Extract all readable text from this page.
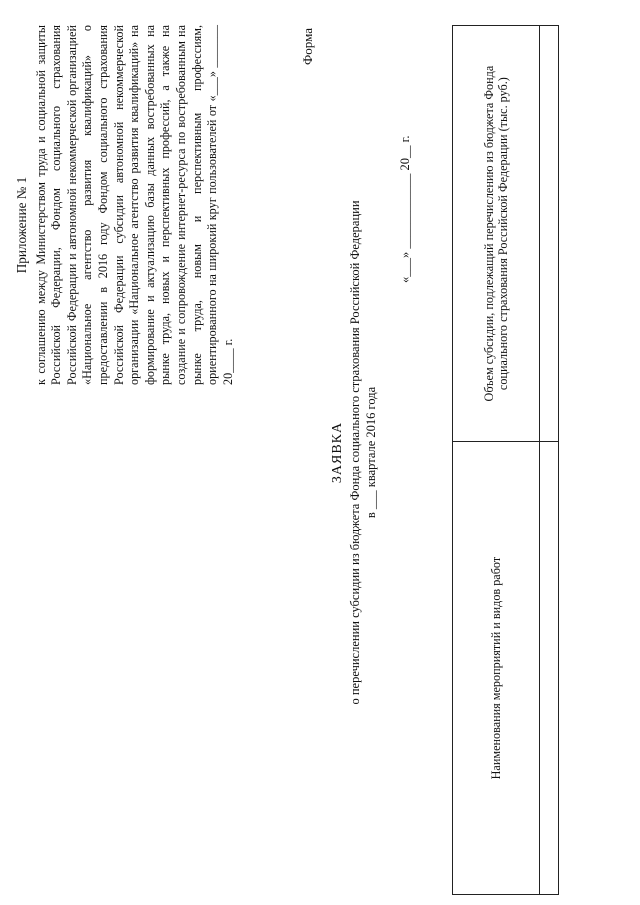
Приложение № 1 к соглашению между Министерством труда и социальной защиты Российской Федерации, Фондом социального страхования Российской Федерации и автономной некоммерческой организацией «Национальное агентство развития квалификаций» о предоставлении в 2016 году Фондом социального страхования Российской Федерации субсидии автономной некоммерческой организации «Национальное агентство развития квалификаций» на формирование и актуализацию базы данных востребованных на рынке труда, новых и перспективных профессий, а также на создание и сопровождение интернет-ресурса по востребованным на рынке труда, новым и перспективным профессиям, ориентированного на широкий круг пользователей от «___» _______ 20____ г.
Форма
ЗАЯВКА о перечислении субсидии из бюджета Фонда социального страхования Российской Федерации в ___ квартале 2016 года
«___» ____________ 20__ г.
Наименования мероприятий и видов работ	Объем субсидии, подлежащий перечислению из бюджета Фонда социального страхования Российской Федерации (тыс. руб.)
